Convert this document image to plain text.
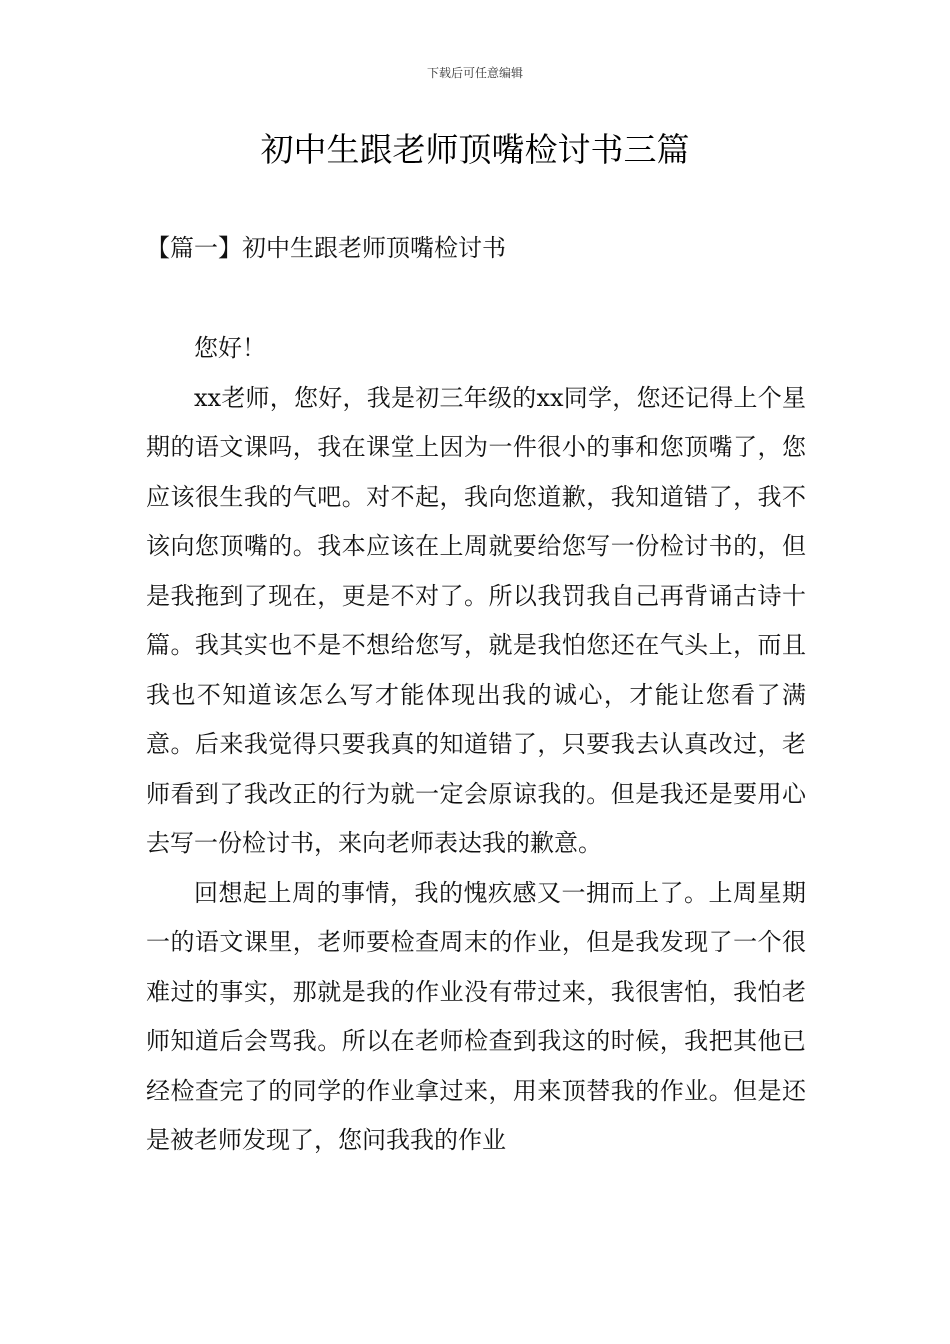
下载后可任意编辑
初中生跟老师顶嘴检讨书三篇
【篇一】初中生跟老师顶嘴检讨书

您好！

xx老师，您好，我是初三年级的xx同学，您还记得上个星期的语文课吗，我在课堂上因为一件很小的事和您顶嘴了，您应该很生我的气吧。对不起，我向您道歉，我知道错了，我不该向您顶嘴的。我本应该在上周就要给您写一份检讨书的，但是我拖到了现在，更是不对了。所以我罚我自己再背诵古诗十篇。我其实也不是不想给您写，就是我怕您还在气头上，而且我也不知道该怎么写才能体现出我的诚心，才能让您看了满意。后来我觉得只要我真的知道错了，只要我去认真改过，老师看到了我改正的行为就一定会原谅我的。但是我还是要用心去写一份检讨书，来向老师表达我的歉意。

回想起上周的事情，我的愧疚感又一拥而上了。上周星期一的语文课里，老师要检查周末的作业，但是我发现了一个很难过的事实，那就是我的作业没有带过来，我很害怕，我怕老师知道后会骂我。所以在老师检查到我这的时候，我把其他已经检查完了的同学的作业拿过来，用来顶替我的作业。但是还是被老师发现了，您问我我的作业
